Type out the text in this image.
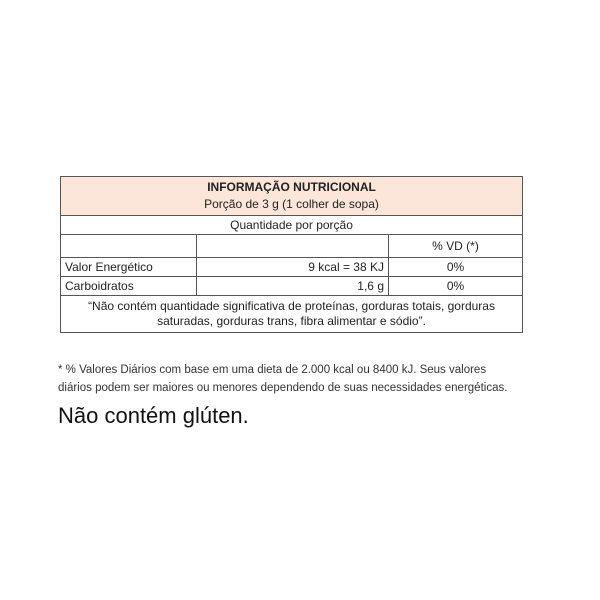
INFORMAÇÃO NUTRICIONAL
Porção de 3 g (1 colher de sopa)		

Quantidade por porção		
		% VD (*)
Valor Energético	9 kcal = 38 KJ	0%
Carboidratos	1,6 g	0%

“Não contém quantidade significativa de proteínas, gorduras totais, gorduras
saturadas, gorduras trans, fibra alimentar e sódio”.		
* % Valores Diários com base em uma dieta de 2.000 kcal ou 8400 kJ. Seus valores
diários podem ser maiores ou menores dependendo de suas necessidades energéticas.
Não contém glúten.
